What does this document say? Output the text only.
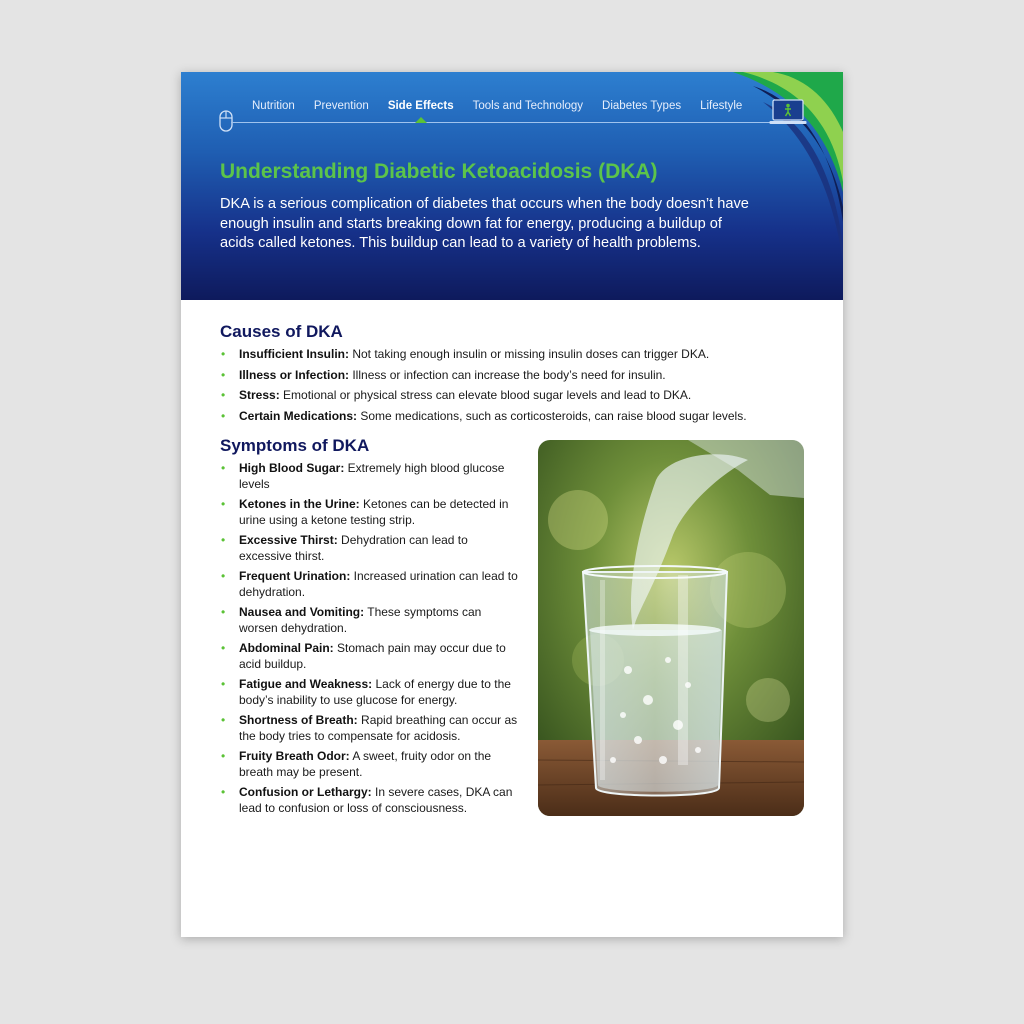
Nutrition Prevention Side Effects Tools and Technology Diabetes Types Lifestyle
Understanding Diabetic Ketoacidosis (DKA)

DKA is a serious complication of diabetes that occurs when the body doesn’t have enough insulin and starts breaking down fat for energy, producing a buildup of acids called ketones. This buildup can lead to a variety of health problems.

Causes of DKA
• Insufficient Insulin: Not taking enough insulin or missing insulin doses can trigger DKA.
• Illness or Infection: Illness or infection can increase the body’s need for insulin.
• Stress: Emotional or physical stress can elevate blood sugar levels and lead to DKA.
• Certain Medications: Some medications, such as corticosteroids, can raise blood sugar levels.
Symptoms of DKA
• High Blood Sugar: Extremely high blood glucose levels
• Ketones in the Urine: Ketones can be detected in urine using a ketone testing strip.
• Excessive Thirst: Dehydration can lead to excessive thirst.
• Frequent Urination: Increased urination can lead to dehydration.
• Nausea and Vomiting: These symptoms can worsen dehydration.
• Abdominal Pain: Stomach pain may occur due to acid buildup.
• Fatigue and Weakness: Lack of energy due to the body’s inability to use glucose for energy.
• Shortness of Breath: Rapid breathing can occur as the body tries to compensate for acidosis.
• Fruity Breath Odor: A sweet, fruity odor on the breath may be present.
• Confusion or Lethargy: In severe cases, DKA can lead to confusion or loss of consciousness.
